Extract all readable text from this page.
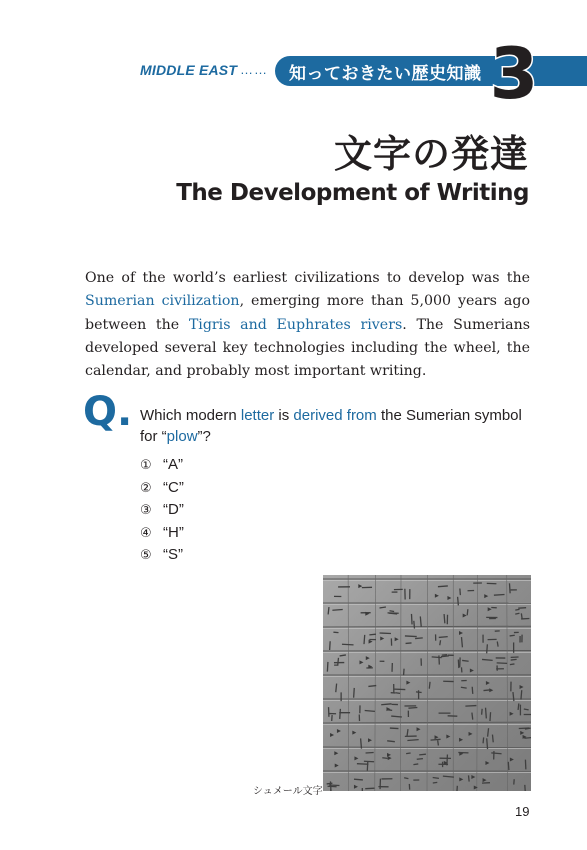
MIDDLE EAST …… 知っておきたい歴史知識 3
文字の発達
The Development of Writing

One of the world’s earliest civilizations to develop was the Sumerian civilization, emerging more than 5,000 years ago between the Tigris and Euphrates rivers. The Sumerians developed several key technologies including the wheel, the calendar, and probably most important writing.

Q. Which modern letter is derived from the Sumerian symbol for “plow”?

① “A”
② “C”
③ “D”
④ “H”
⑤ “S”
シュメール文字
19
